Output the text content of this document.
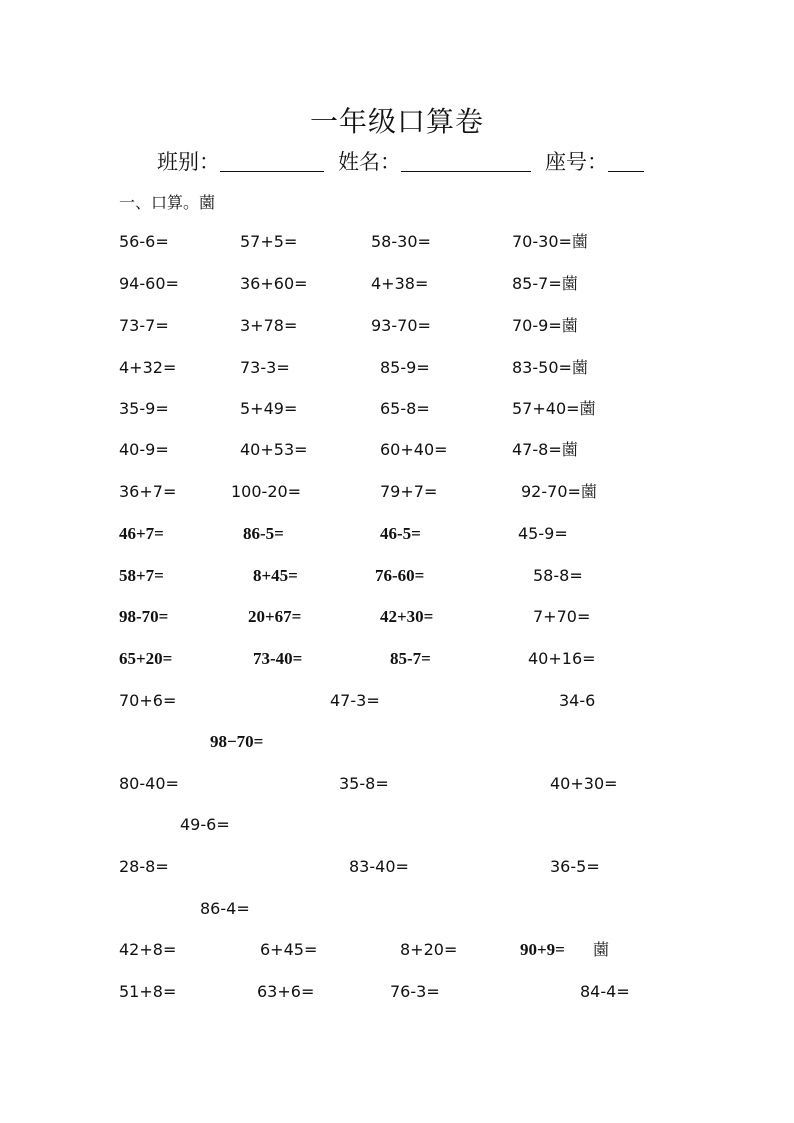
一年级口算卷
班别：	姓名：	座号：
一、口算。薗
56-6=	57+5=	58-30=	70-30=薗
94-60=	36+60=	4+38=	85-7=薗
73-7=	3+78=	93-70=	70-9=薗
4+32=	73-3=	85-9=	83-50=薗
35-9=	5+49=	65-8=	57+40=薗
40-9=	40+53=	60+40=	47-8=薗
36+7=	100-20=	79+7=	92-70=薗
46+7=	86-5=	46-5=	45-9=
58+7=	8+45=	76-60=	58-8=
98-70=	20+67=	42+30=	7+70=
65+20=	73-40=	85-7=	40+16=
70+6=	47-3=	34-6
98−70=
80-40=	35-8=	40+30=
49-6=
28-8=	83-40=	36-5=
86-4=
42+8=	6+45=	8+20=	90+9= 薗
51+8=	63+6=	76-3=	84-4=
